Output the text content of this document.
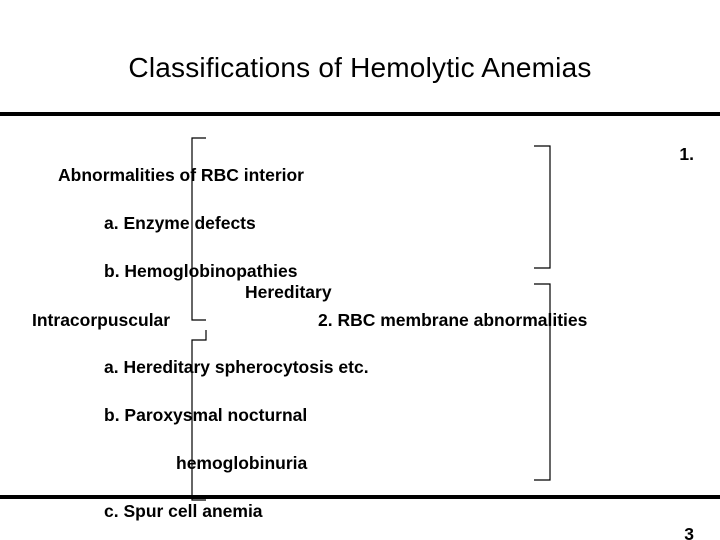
Classifications of Hemolytic Anemias
1.
Abnormalities of RBC interior
a. Enzyme defects
b. Hemoglobinopathies
Hereditary
Intracorpuscular	2. RBC membrane abnormalities
a. Hereditary spherocytosis etc.
b. Paroxysmal nocturnal
hemoglobinuria
c. Spur cell anemia
3
